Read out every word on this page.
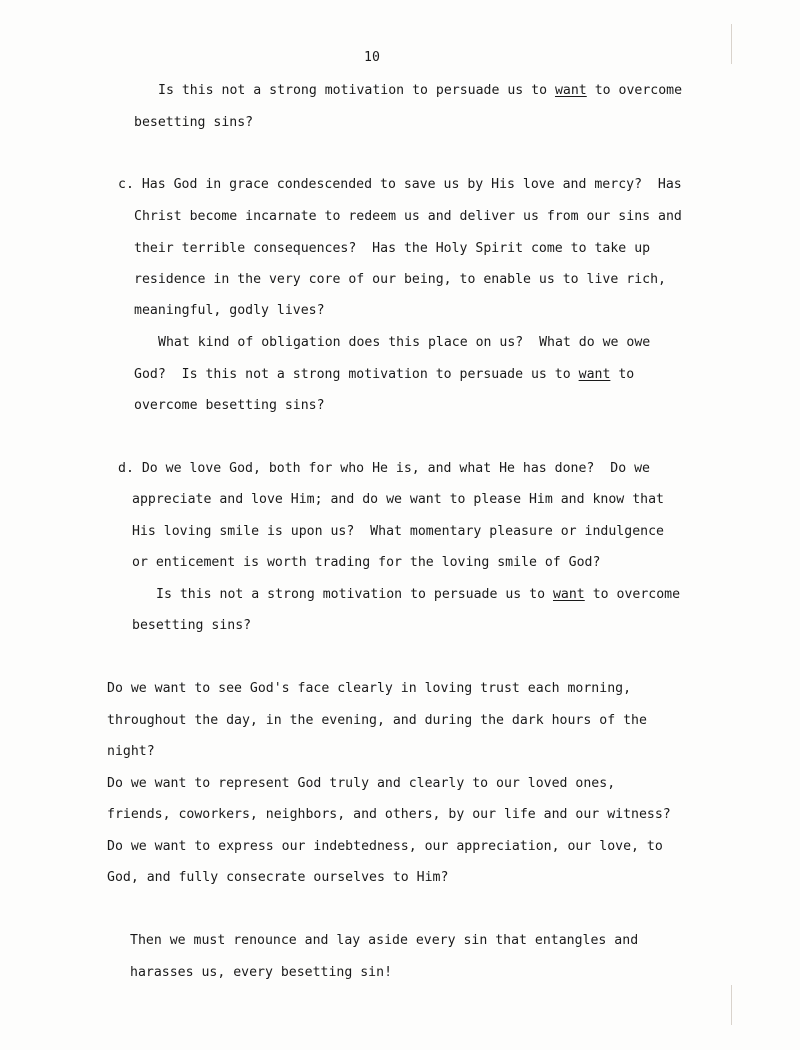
10
Is this not a strong motivation to persuade us to want to overcome
besetting sins?
c. Has God in grace condescended to save us by His love and mercy?  Has
Christ become incarnate to redeem us and deliver us from our sins and
their terrible consequences?  Has the Holy Spirit come to take up
residence in the very core of our being, to enable us to live rich,
meaningful, godly lives?
What kind of obligation does this place on us?  What do we owe
God?  Is this not a strong motivation to persuade us to want to
overcome besetting sins?
d. Do we love God, both for who He is, and what He has done?  Do we
appreciate and love Him; and do we want to please Him and know that
His loving smile is upon us?  What momentary pleasure or indulgence
or enticement is worth trading for the loving smile of God?
Is this not a strong motivation to persuade us to want to overcome
besetting sins?
Do we want to see God's face clearly in loving trust each morning,
throughout the day, in the evening, and during the dark hours of the
night?
Do we want to represent God truly and clearly to our loved ones,
friends, coworkers, neighbors, and others, by our life and our witness?
Do we want to express our indebtedness, our appreciation, our love, to
God, and fully consecrate ourselves to Him?
Then we must renounce and lay aside every sin that entangles and
harasses us, every besetting sin!
